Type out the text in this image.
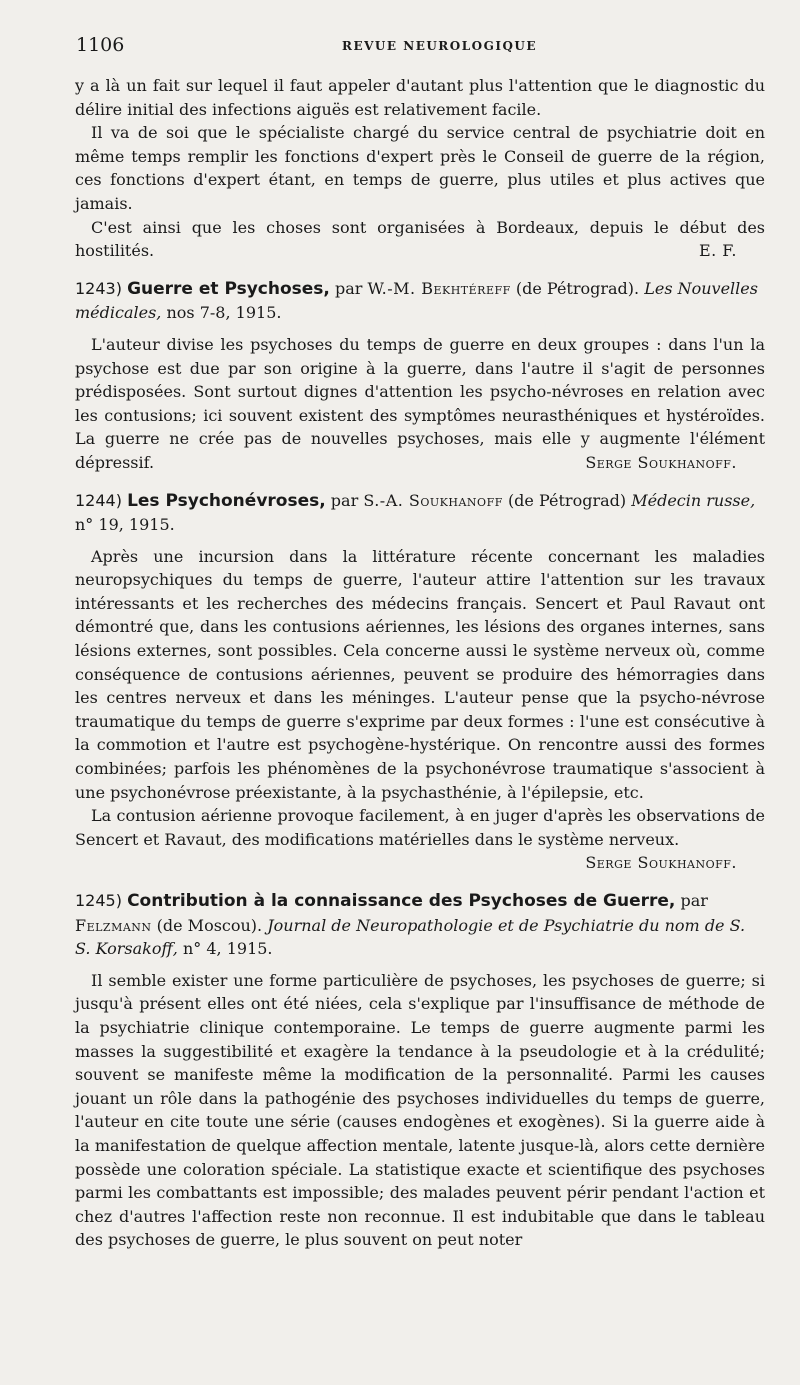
1106	REVUE NEUROLOGIQUE

y a là un fait sur lequel il faut appeler d'autant plus l'attention que le diagnostic du délire initial des infections aiguës est relativement facile.

Il va de soi que le spécialiste chargé du service central de psychiatrie doit en même temps remplir les fonctions d'expert près le Conseil de guerre de la région, ces fonctions d'expert étant, en temps de guerre, plus utiles et plus actives que jamais.

C'est ainsi que les choses sont organisées à Bordeaux, depuis le début des hostilités.	E. F.

1243) Guerre et Psychoses, par W.-M. Bekhtéreff (de Pétrograd). Les Nouvelles médicales, nos 7-8, 1915.

L'auteur divise les psychoses du temps de guerre en deux groupes : dans l'un la psychose est due par son origine à la guerre, dans l'autre il s'agit de personnes prédisposées. Sont surtout dignes d'attention les psycho-névroses en relation avec les contusions; ici souvent existent des symptômes neurasthéniques et hystéroïdes. La guerre ne crée pas de nouvelles psychoses, mais elle y augmente l'élément dépressif.	Serge Soukhanoff.

1244) Les Psychonévroses, par S.-A. Soukhanoff (de Pétrograd) Médecin russe, n° 19, 1915.

Après une incursion dans la littérature récente concernant les maladies neuropsychiques du temps de guerre, l'auteur attire l'attention sur les travaux intéressants et les recherches des médecins français. Sencert et Paul Ravaut ont démontré que, dans les contusions aériennes, les lésions des organes internes, sans lésions externes, sont possibles. Cela concerne aussi le système nerveux où, comme conséquence de contusions aériennes, peuvent se produire des hémorragies dans les centres nerveux et dans les méninges. L'auteur pense que la psycho-névrose traumatique du temps de guerre s'exprime par deux formes : l'une est consécutive à la commotion et l'autre est psychogène-hystérique. On rencontre aussi des formes combinées; parfois les phénomènes de la psychonévrose traumatique s'associent à une psychonévrose préexistante, à la psychasthénie, à l'épilepsie, etc.

La contusion aérienne provoque facilement, à en juger d'après les observations de Sencert et Ravaut, des modifications matérielles dans le système nerveux.

Serge Soukhanoff.

1245) Contribution à la connaissance des Psychoses de Guerre, par Felzmann (de Moscou). Journal de Neuropathologie et de Psychiatrie du nom de S. S. Korsakoff, n° 4, 1915.

Il semble exister une forme particulière de psychoses, les psychoses de guerre; si jusqu'à présent elles ont été niées, cela s'explique par l'insuffisance de méthode de la psychiatrie clinique contemporaine. Le temps de guerre augmente parmi les masses la suggestibilité et exagère la tendance à la pseudologie et à la crédulité; souvent se manifeste même la modification de la personnalité. Parmi les causes jouant un rôle dans la pathogénie des psychoses individuelles du temps de guerre, l'auteur en cite toute une série (causes endogènes et exogènes). Si la guerre aide à la manifestation de quelque affection mentale, latente jusque-là, alors cette dernière possède une coloration spéciale. La statistique exacte et scientifique des psychoses parmi les combattants est impossible; des malades peuvent périr pendant l'action et chez d'autres l'affection reste non reconnue. Il est indubitable que dans le tableau des psychoses de guerre, le plus souvent on peut noter
